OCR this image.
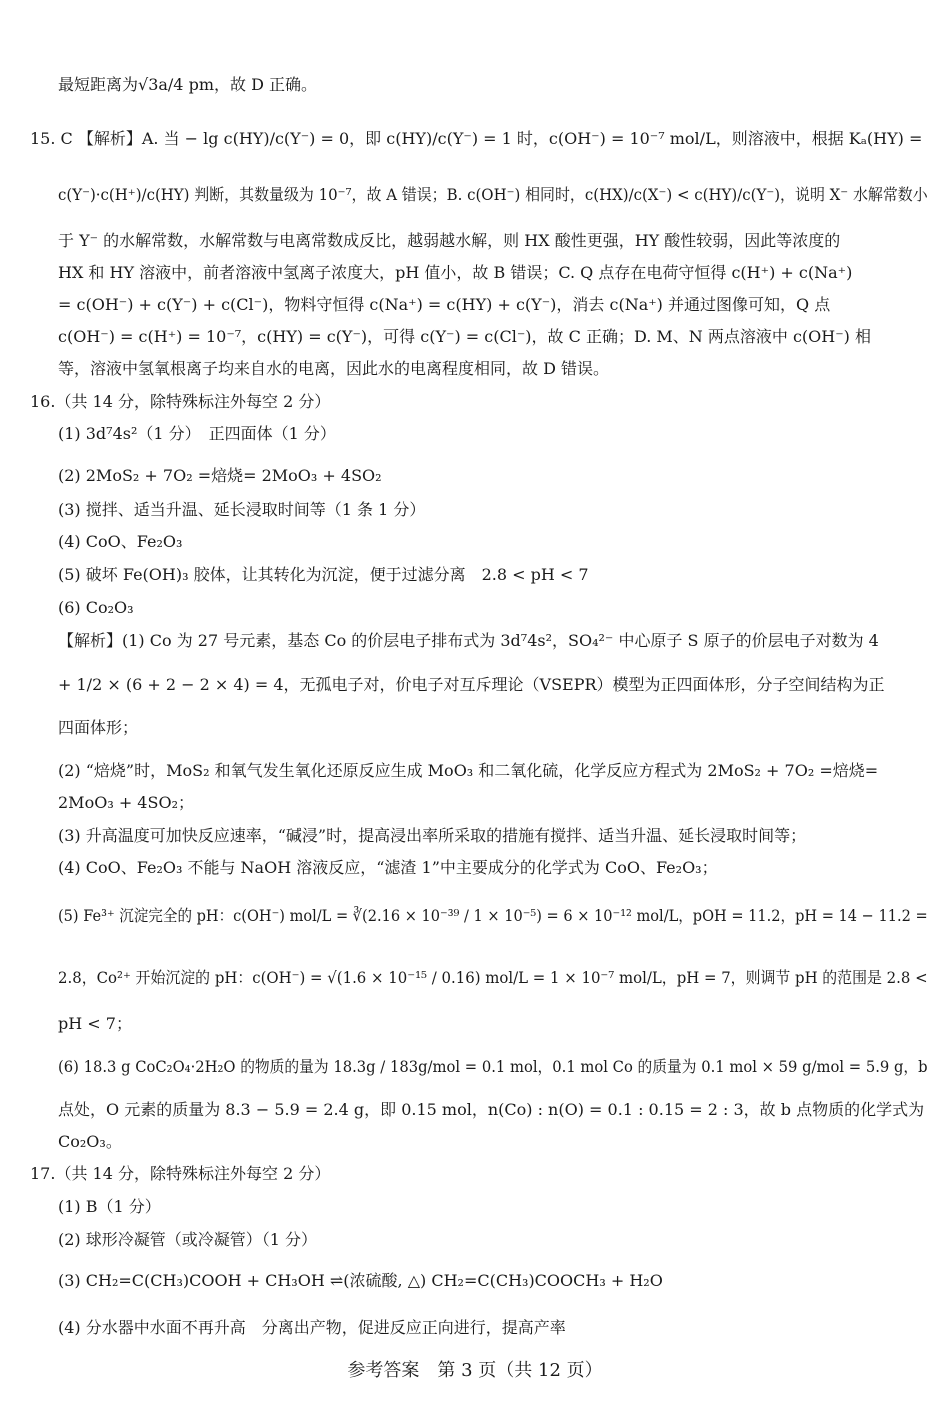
最短距离为√3a/4 pm，故 D 正确。
15. C 【解析】A. 当 − lg c(HY)/c(Y⁻) = 0，即 c(HY)/c(Y⁻) = 1 时，c(OH⁻) = 10⁻⁷ mol/L，则溶液中，根据 Kₐ(HY) =
c(Y⁻)·c(H⁺)/c(HY) 判断，其数量级为 10⁻⁷，故 A 错误；B. c(OH⁻) 相同时，c(HX)/c(X⁻) < c(HY)/c(Y⁻)，说明 X⁻ 水解常数小
于 Y⁻ 的水解常数，水解常数与电离常数成反比，越弱越水解，则 HX 酸性更强，HY 酸性较弱，因此等浓度的
HX 和 HY 溶液中，前者溶液中氢离子浓度大，pH 值小，故 B 错误；C. Q 点存在电荷守恒得 c(H⁺) + c(Na⁺)
= c(OH⁻) + c(Y⁻) + c(Cl⁻)，物料守恒得 c(Na⁺) = c(HY) + c(Y⁻)，消去 c(Na⁺) 并通过图像可知，Q 点
c(OH⁻) = c(H⁺) = 10⁻⁷，c(HY) = c(Y⁻)，可得 c(Y⁻) = c(Cl⁻)，故 C 正确；D. M、N 两点溶液中 c(OH⁻) 相
等，溶液中氢氧根离子均来自水的电离，因此水的电离程度相同，故 D 错误。
16.（共 14 分，除特殊标注外每空 2 分）
(1) 3d⁷4s²（1 分）　正四面体（1 分）
(2) 2MoS₂ + 7O₂ =焙烧= 2MoO₃ + 4SO₂
(3) 搅拌、适当升温、延长浸取时间等（1 条 1 分）
(4) CoO、Fe₂O₃
(5) 破坏 Fe(OH)₃ 胶体，让其转化为沉淀，便于过滤分离　2.8 < pH < 7
(6) Co₂O₃
【解析】(1) Co 为 27 号元素，基态 Co 的价层电子排布式为 3d⁷4s²，SO₄²⁻ 中心原子 S 原子的价层电子对数为 4
+ 1/2 × (6 + 2 − 2 × 4) = 4，无孤电子对，价电子对互斥理论（VSEPR）模型为正四面体形，分子空间结构为正
四面体形；
(2) “焙烧”时，MoS₂ 和氧气发生氧化还原反应生成 MoO₃ 和二氧化硫，化学反应方程式为 2MoS₂ + 7O₂ =焙烧=
2MoO₃ + 4SO₂；
(3) 升高温度可加快反应速率，“碱浸”时，提高浸出率所采取的措施有搅拌、适当升温、延长浸取时间等；
(4) CoO、Fe₂O₃ 不能与 NaOH 溶液反应，“滤渣 1”中主要成分的化学式为 CoO、Fe₂O₃；
(5) Fe³⁺ 沉淀完全的 pH：c(OH⁻) mol/L = ∛(2.16 × 10⁻³⁹ / 1 × 10⁻⁵) = 6 × 10⁻¹² mol/L，pOH = 11.2，pH = 14 − 11.2 =
2.8，Co²⁺ 开始沉淀的 pH：c(OH⁻) = √(1.6 × 10⁻¹⁵ / 0.16) mol/L = 1 × 10⁻⁷ mol/L，pH = 7，则调节 pH 的范围是 2.8 <
pH < 7；
(6) 18.3 g CoC₂O₄·2H₂O 的物质的量为 18.3g / 183g/mol = 0.1 mol，0.1 mol Co 的质量为 0.1 mol × 59 g/mol = 5.9 g，b
点处，O 元素的质量为 8.3 − 5.9 = 2.4 g，即 0.15 mol，n(Co) : n(O) = 0.1 : 0.15 = 2 : 3，故 b 点物质的化学式为
Co₂O₃。
17.（共 14 分，除特殊标注外每空 2 分）
(1) B（1 分）
(2) 球形冷凝管（或冷凝管）（1 分）
(3) CH₂=C(CH₃)COOH + CH₃OH ⇌(浓硫酸, △) CH₂=C(CH₃)COOCH₃ + H₂O
(4) 分水器中水面不再升高　分离出产物，促进反应正向进行，提高产率
参考答案　第 3 页（共 12 页）
